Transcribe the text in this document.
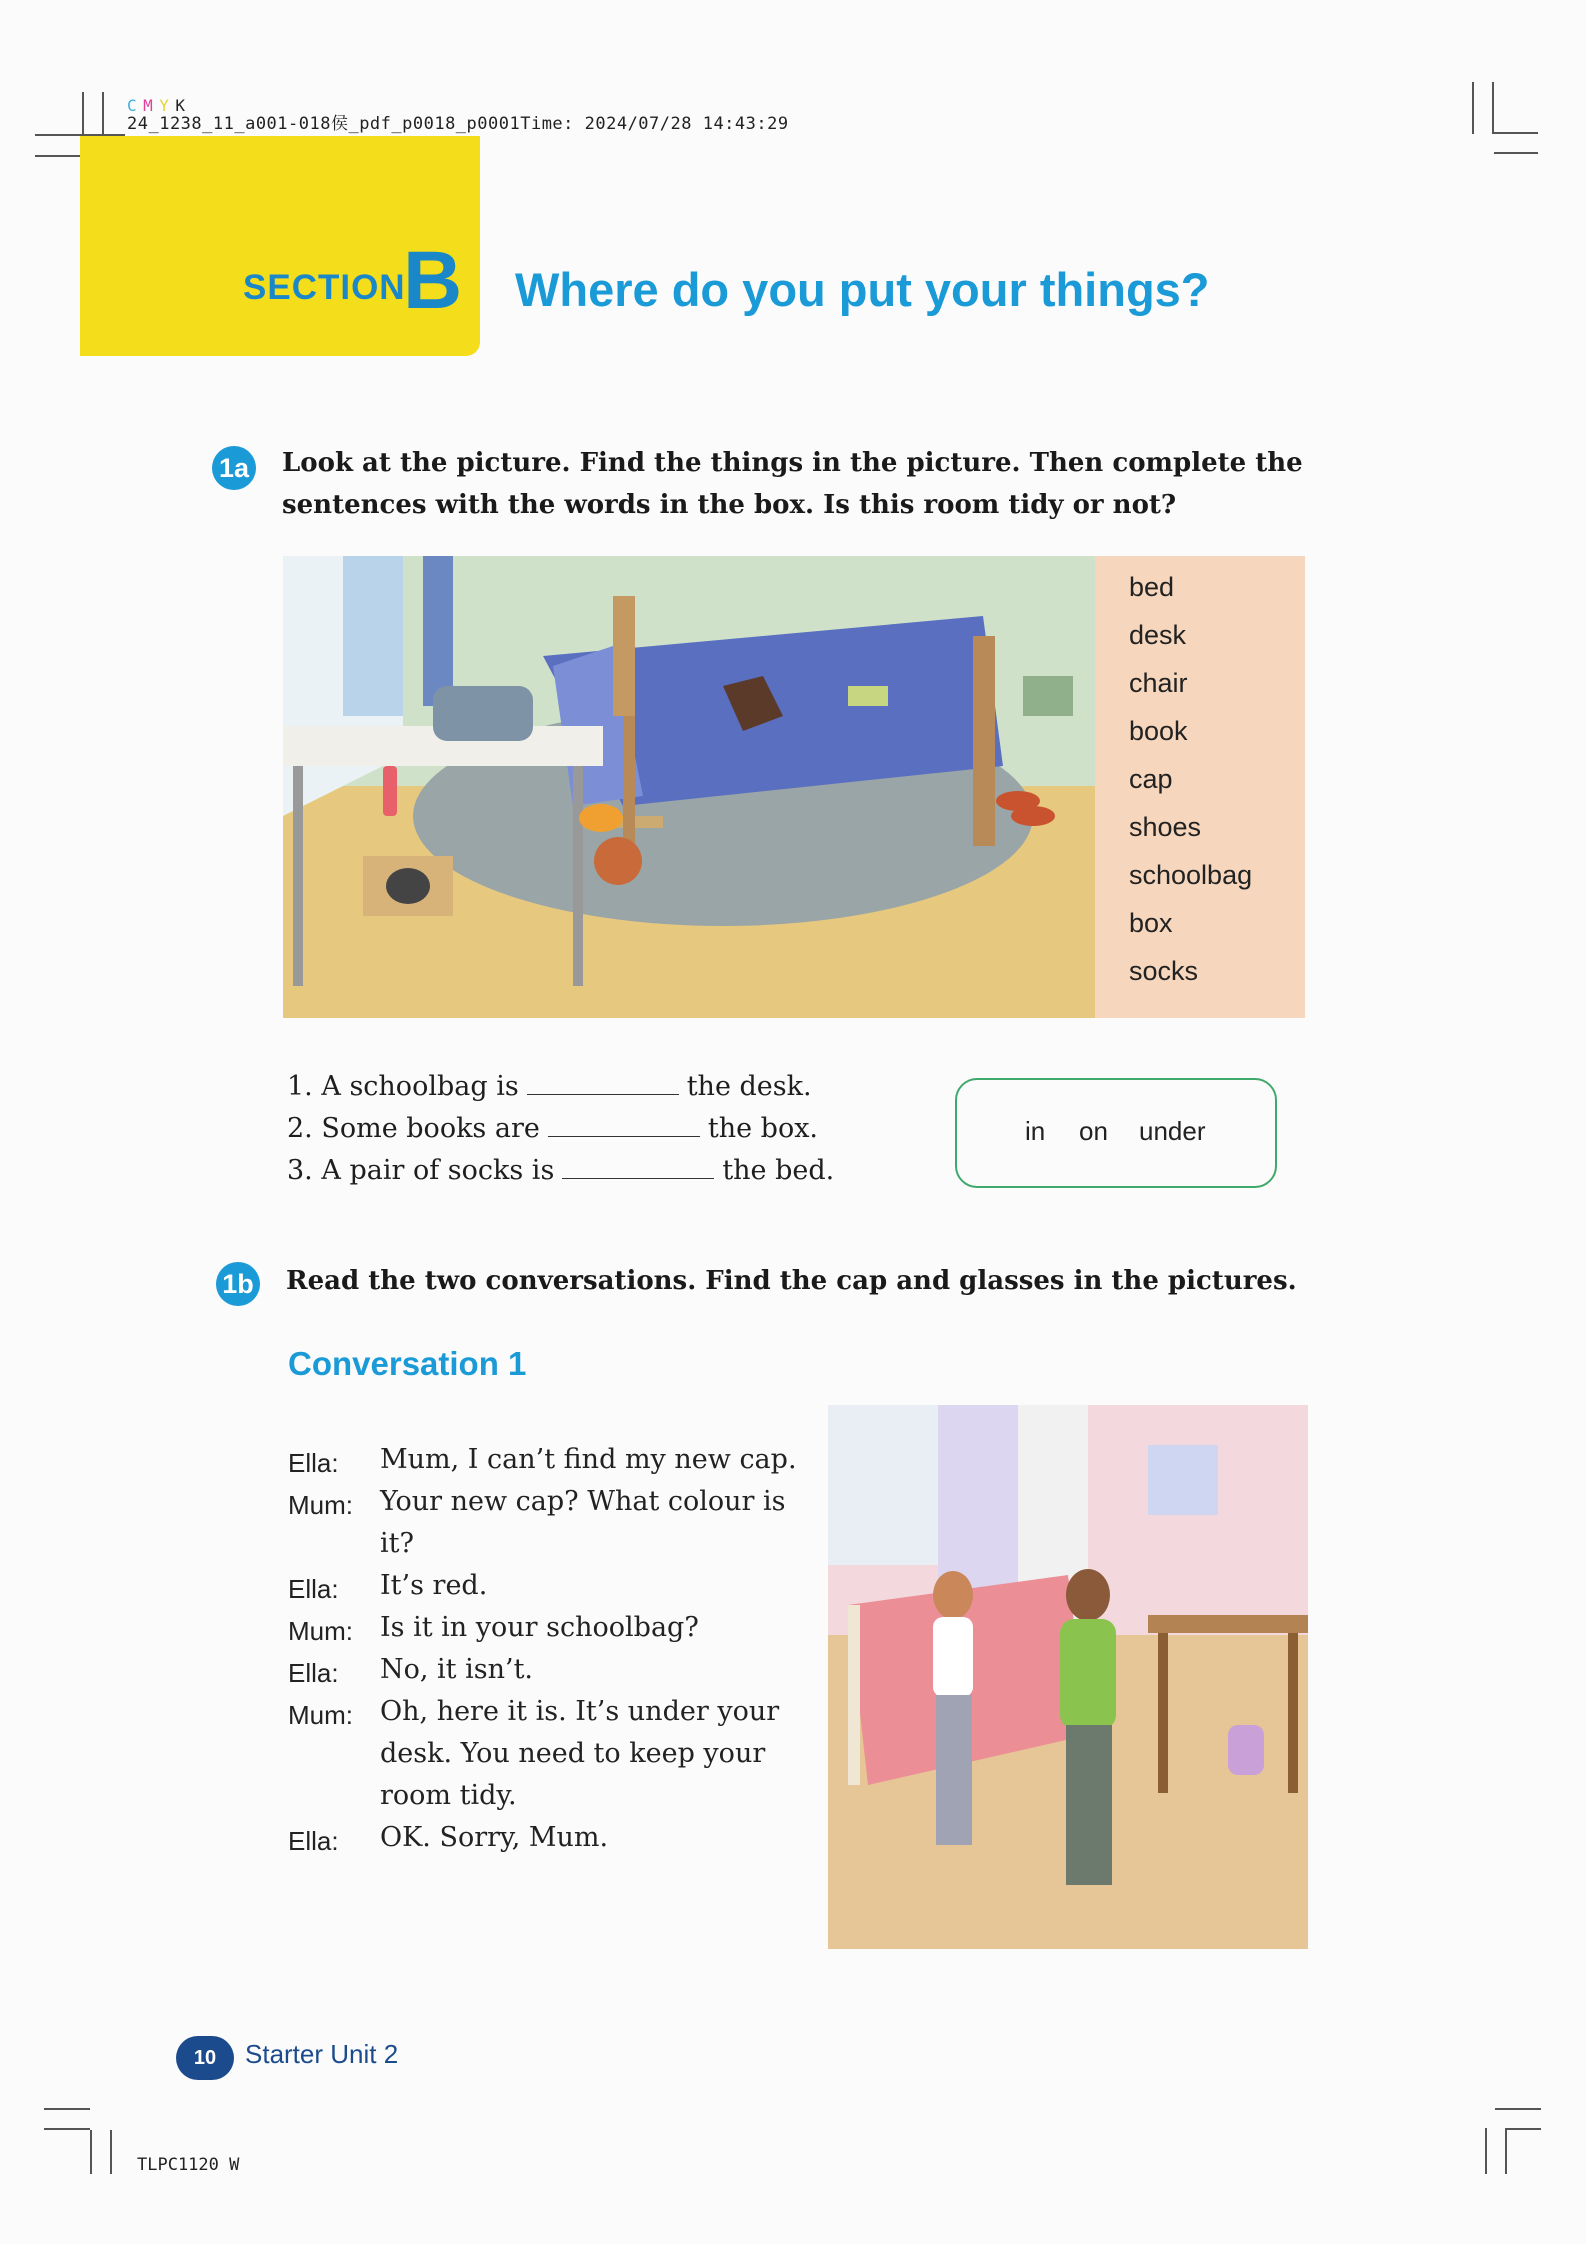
C M Y K
24_1238_11_a001-018侯_pdf_p0018_p0001Time: 2024/07/28 14:43:29
SECTION
B Where do you put your things?
1a Look at the picture. Find the things in the picture. Then complete the
sentences with the words in the box. Is this room tidy or not?
bed
desk
chair
book
cap
shoes
schoolbag
box
socks
1. A schoolbag is	the desk.
2. Some books are	the box.
3. A pair of socks is	the bed.
in on under
1b Read the two conversations. Find the cap and glasses in the pictures.
Conversation 1
Ella: Mum, I can’t find my new cap.
Mum: Your new cap? What colour is
it?
Ella: It’s red.
Mum: Is it in your schoolbag?
Ella: No, it isn’t.
Mum: Oh, here it is. It’s under your
desk. You need to keep your
room tidy.
Ella: OK. Sorry, Mum.
10	Starter Unit 2
TLPC1120 W
